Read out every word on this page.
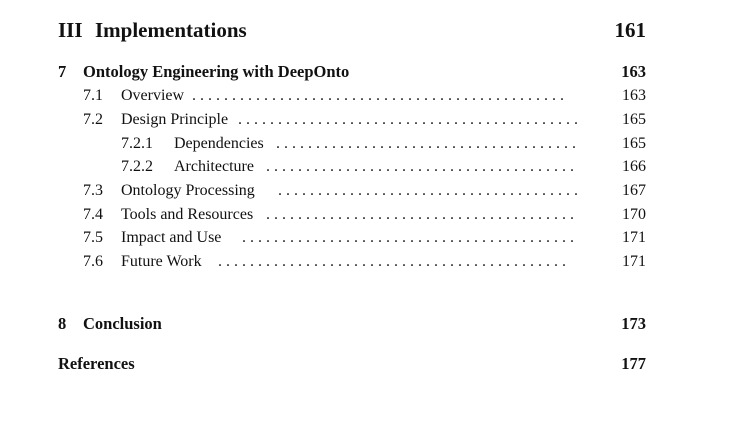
III Implementations	161
7 Ontology Engineering with DeepOnto	163
7.1 Overview . . . . . . . . . . . . . . . . . . . . . . . . . . . . . . . . . . . . . . . . . . . . . . .	163
7.2 Design Principle . . . . . . . . . . . . . . . . . . . . . . . . . . . . . . . . . . . . . . . . . . .	165
7.2.1 Dependencies . . . . . . . . . . . . . . . . . . . . . . . . . . . . . . . . . . . . . .	165
7.2.2 Architecture . . . . . . . . . . . . . . . . . . . . . . . . . . . . . . . . . . . . . . .	166
7.3 Ontology Processing . . . . . . . . . . . . . . . . . . . . . . . . . . . . . . . . . . . . . .	167
7.4 Tools and Resources . . . . . . . . . . . . . . . . . . . . . . . . . . . . . . . . . . . . . . .	170
7.5 Impact and Use . . . . . . . . . . . . . . . . . . . . . . . . . . . . . . . . . . . . . . . . . .	171
7.6 Future Work . . . . . . . . . . . . . . . . . . . . . . . . . . . . . . . . . . . . . . . . . . . .	171
8 Conclusion	173
References	177
